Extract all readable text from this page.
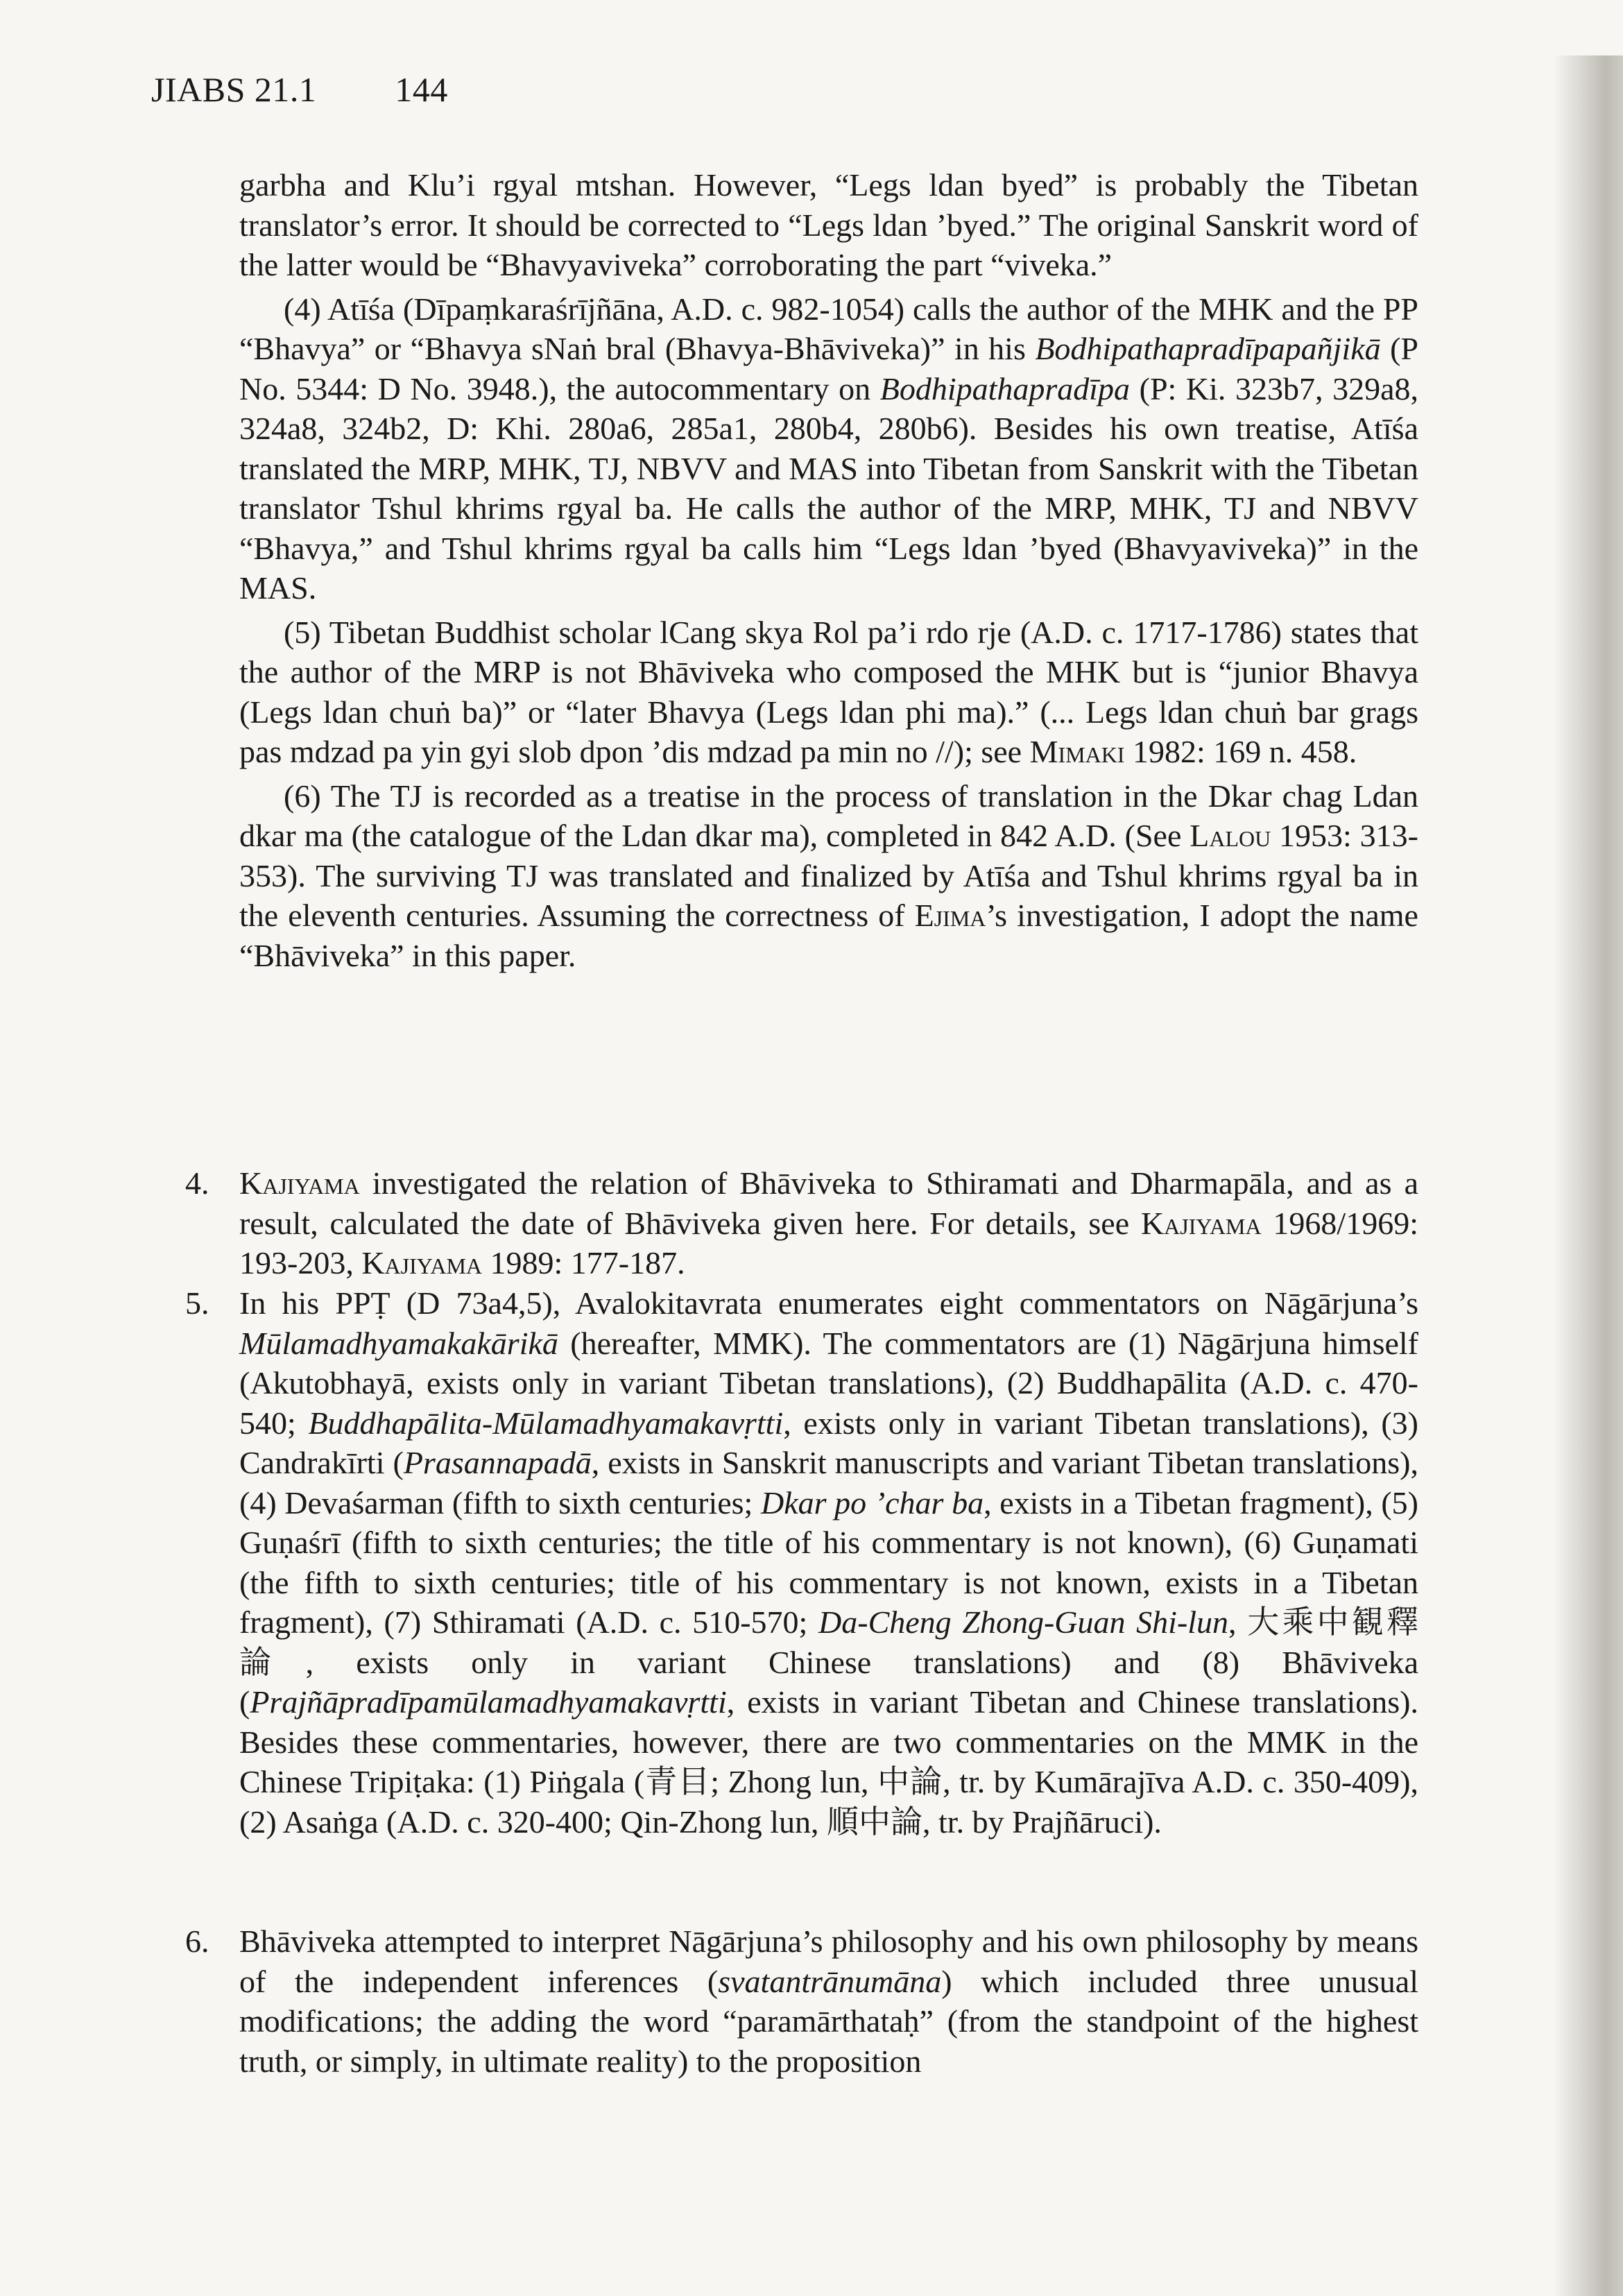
JIABS 21.1 144

garbha and Klu’i rgyal mtshan. However, “Legs ldan byed” is probably the Tibetan translator’s error. It should be corrected to “Legs ldan ’byed.” The original Sanskrit word of the latter would be “Bhavyaviveka” corroborating the part “viveka.”

(4) Atīśa (Dīpaṃkaraśrījñāna, A.D. c. 982-1054) calls the author of the MHK and the PP “Bhavya” or “Bhavya sNaṅ bral (Bhavya-Bhāviveka)” in his Bodhipathapradīpapañjikā (P No. 5344: D No. 3948.), the autocommentary on Bodhipathapradīpa (P: Ki. 323b7, 329a8, 324a8, 324b2, D: Khi. 280a6, 285a1, 280b4, 280b6). Besides his own treatise, Atīśa translated the MRP, MHK, TJ, NBVV and MAS into Tibetan from Sanskrit with the Tibetan translator Tshul khrims rgyal ba. He calls the author of the MRP, MHK, TJ and NBVV “Bhavya,” and Tshul khrims rgyal ba calls him “Legs ldan ’byed (Bhavyaviveka)” in the MAS.

(5) Tibetan Buddhist scholar lCang skya Rol pa’i rdo rje (A.D. c. 1717-1786) states that the author of the MRP is not Bhāviveka who composed the MHK but is “junior Bhavya (Legs ldan chuṅ ba)” or “later Bhavya (Legs ldan phi ma).” (... Legs ldan chuṅ bar grags pas mdzad pa yin gyi slob dpon ’dis mdzad pa min no //); see Mimaki 1982: 169 n. 458.

(6) The TJ is recorded as a treatise in the process of translation in the Dkar chag Ldan dkar ma (the catalogue of the Ldan dkar ma), completed in 842 A.D. (See Lalou 1953: 313-353). The surviving TJ was translated and finalized by Atīśa and Tshul khrims rgyal ba in the eleventh centuries. Assuming the correctness of Ejima’s investigation, I adopt the name “Bhāviveka” in this paper.

4. Kajiyama investigated the relation of Bhāviveka to Sthiramati and Dharmapāla, and as a result, calculated the date of Bhāviveka given here. For details, see Kajiyama 1968/1969: 193-203, Kajiyama 1989: 177-187.
5. In his PPṬ (D 73a4,5), Avalokitavrata enumerates eight commentators on Nāgārjuna’s Mūlamadhyamakakārikā (hereafter, MMK). The commentators are (1) Nāgārjuna himself (Akutobhayā, exists only in variant Tibetan translations), (2) Buddhapālita (A.D. c. 470-540; Buddhapālita-Mūlamadhyamakavṛtti, exists only in variant Tibetan translations), (3) Candrakīrti (Prasannapadā, exists in Sanskrit manuscripts and variant Tibetan translations), (4) Devaśarman (fifth to sixth centuries; Dkar po ’char ba, exists in a Tibetan fragment), (5) Guṇaśrī (fifth to sixth centuries; the title of his commentary is not known), (6) Guṇamati (the fifth to sixth centuries; title of his commentary is not known, exists in a Tibetan fragment), (7) Sthiramati (A.D. c. 510-570; Da-Cheng Zhong-Guan Shi-lun, 大乘中観釋論, exists only in variant Chinese translations) and (8) Bhāviveka (Prajñāpradīpamūlamadhyamakavṛtti, exists in variant Tibetan and Chinese translations). Besides these commentaries, however, there are two commentaries on the MMK in the Chinese Tripiṭaka: (1) Piṅgala (青目; Zhong lun, 中論, tr. by Kumārajīva A.D. c. 350-409), (2) Asaṅga (A.D. c. 320-400; Qin-Zhong lun, 順中論, tr. by Prajñāruci).
6. Bhāviveka attempted to interpret Nāgārjuna’s philosophy and his own philosophy by means of the independent inferences (svatantrānumāna) which included three unusual modifications; the adding the word “paramārthataḥ” (from the standpoint of the highest truth, or simply, in ultimate reality) to the proposition
